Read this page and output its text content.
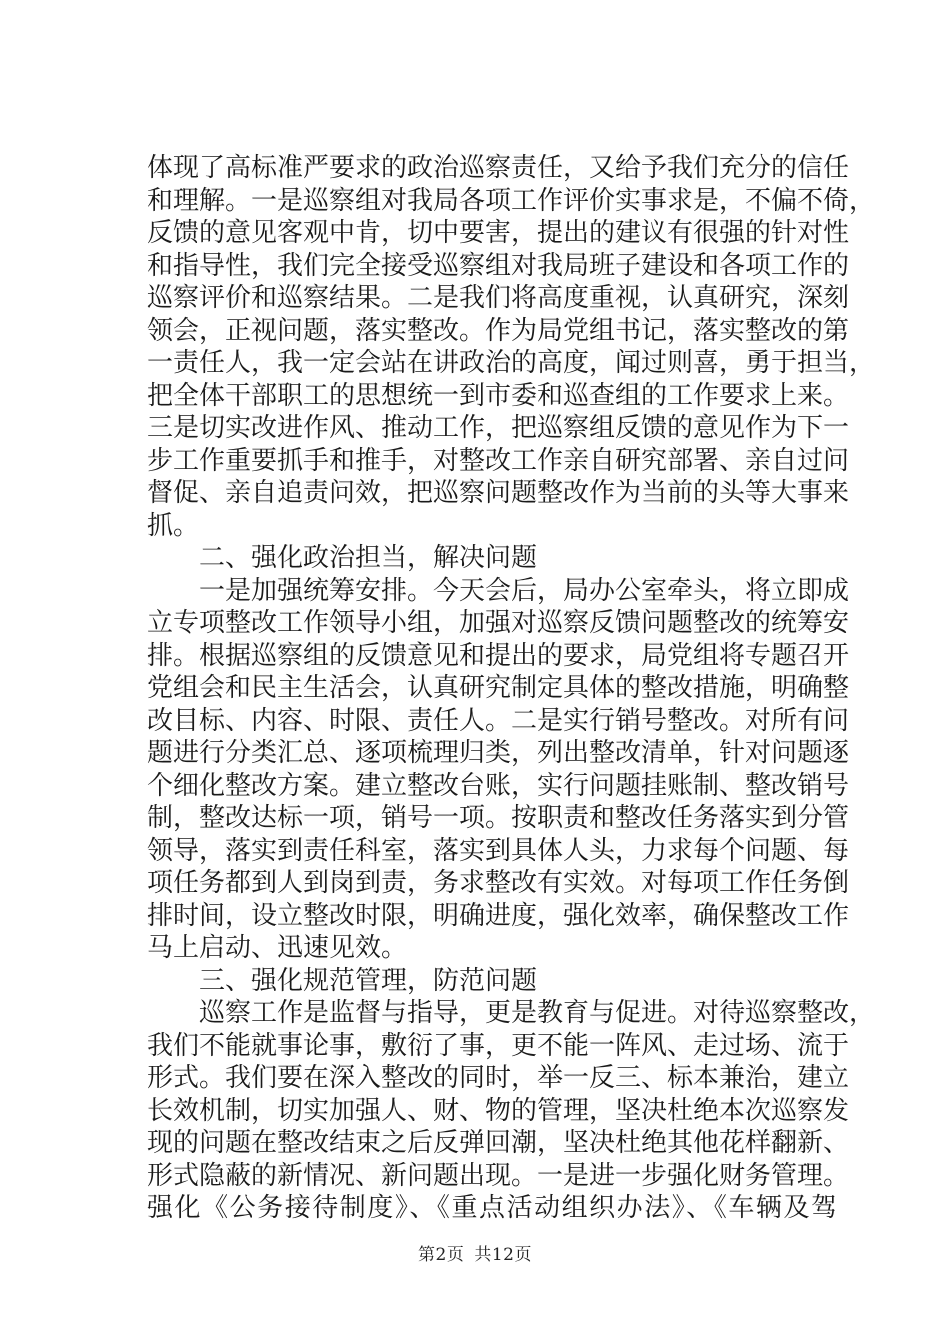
体现了高标准严要求的政治巡察责任，又给予我们充分的信任
和理解。一是巡察组对我局各项工作评价实事求是，不偏不倚，
反馈的意见客观中肯，切中要害，提出的建议有很强的针对性
和指导性，我们完全接受巡察组对我局班子建设和各项工作的
巡察评价和巡察结果。二是我们将高度重视，认真研究，深刻
领会，正视问题，落实整改。作为局党组书记，落实整改的第
一责任人，我一定会站在讲政治的高度，闻过则喜，勇于担当，
把全体干部职工的思想统一到市委和巡查组的工作要求上来。
三是切实改进作风、推动工作，把巡察组反馈的意见作为下一
步工作重要抓手和推手，对整改工作亲自研究部署、亲自过问
督促、亲自追责问效，把巡察问题整改作为当前的头等大事来
抓。
二、强化政治担当，解决问题
一是加强统筹安排。今天会后，局办公室牵头，将立即成
立专项整改工作领导小组，加强对巡察反馈问题整改的统筹安
排。根据巡察组的反馈意见和提出的要求，局党组将专题召开
党组会和民主生活会，认真研究制定具体的整改措施，明确整
改目标、内容、时限、责任人。二是实行销号整改。对所有问
题进行分类汇总、逐项梳理归类，列出整改清单，针对问题逐
个细化整改方案。建立整改台账，实行问题挂账制、整改销号
制，整改达标一项，销号一项。按职责和整改任务落实到分管
领导，落实到责任科室，落实到具体人头，力求每个问题、每
项任务都到人到岗到责，务求整改有实效。对每项工作任务倒
排时间，设立整改时限，明确进度，强化效率，确保整改工作
马上启动、迅速见效。
三、强化规范管理，防范问题
巡察工作是监督与指导，更是教育与促进。对待巡察整改，
我们不能就事论事，敷衍了事，更不能一阵风、走过场、流于
形式。我们要在深入整改的同时，举一反三、标本兼治，建立
长效机制，切实加强人、财、物的管理，坚决杜绝本次巡察发
现的问题在整改结束之后反弹回潮，坚决杜绝其他花样翻新、
形式隐蔽的新情况、新问题出现。一是进一步强化财务管理。
强化《公务接待制度》、《重点活动组织办法》、《车辆及驾
第2页 共12页
